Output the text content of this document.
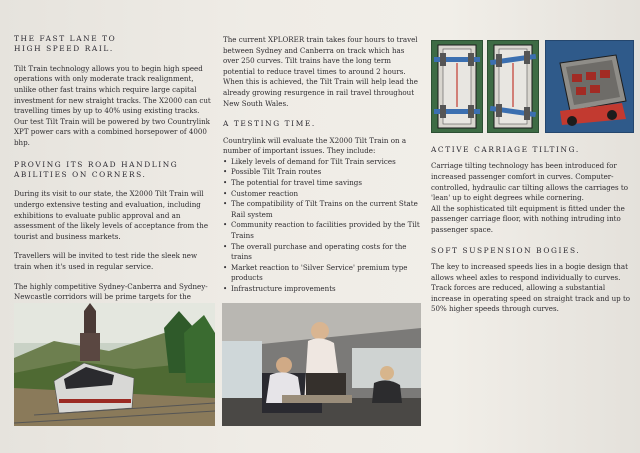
THE FAST LANE TO
HIGH SPEED RAIL.

Tilt Train technology allows you to begin high speed operations with only moderate track realignment, unlike other fast trains which require large capital investment for new straight tracks. The X2000 can cut travelling times by up to 40% using existing tracks. Our test Tilt Train will be powered by two Countrylink XPT power cars with a combined horsepower of 4000 bhp.

PROVING ITS ROAD HANDLING
ABILITIES ON CORNERS.

During its visit to our state, the X2000 Tilt Train will undergo extensive testing and evaluation, including exhibitions to evaluate public approval and an assessment of the likely levels of acceptance from the tourist and business markets.

Travellers will be invited to test ride the sleek new train when it's used in regular service.

The highly competitive Sydney-Canberra and Sydney-Newcastle corridors will be prime targets for the

The current XPLORER train takes four hours to travel between Sydney and Canberra on track which has over 250 curves. Tilt trains have the long term potential to reduce travel times to around 2 hours.

When this is achieved, the Tilt Train will help lead the already growing resurgence in rail travel throughout New South Wales.

A TESTING TIME.

Countrylink will evaluate the X2000 Tilt Train on a number of important issues. They include:

• Likely levels of demand for Tilt Train services
• Possible Tilt Train routes
• The potential for travel time savings
• Customer reaction
• The compatibility of Tilt Trains on the current State Rail system
• Community reaction to facilities provided by the Tilt Trains
• The overall purchase and operating costs for the trains
• Market reaction to 'Silver Service' premium type products
• Infrastructure improvements
ACTIVE CARRIAGE TILTING.

Carriage tilting technology has been introduced for increased passenger comfort in curves. Computer-controlled, hydraulic car tilting allows the carriages to 'lean' up to eight degrees while cornering.

All the sophisticated tilt equipment is fitted under the passenger carriage floor, with nothing intruding into passenger space.

SOFT SUSPENSION BOGIES.

The key to increased speeds lies in a bogie design that allows wheel axles to respond individually to curves. Track forces are reduced, allowing a substantial increase in operating speed on straight track and up to 50% higher speeds through curves.
